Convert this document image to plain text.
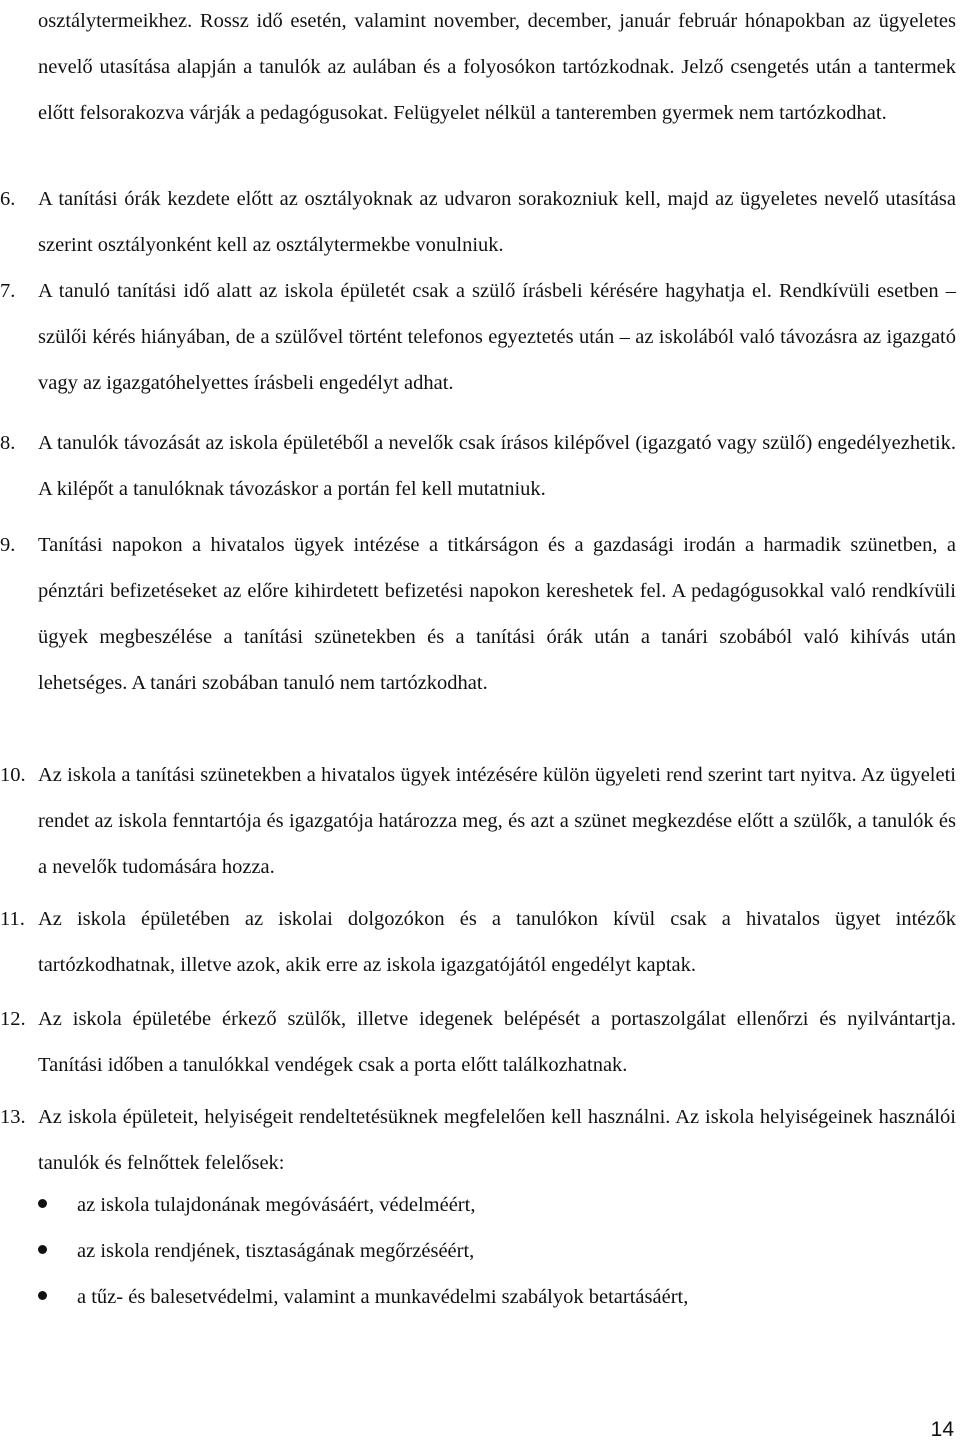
osztálytermeikhez. Rossz idő esetén, valamint november, december, január február hónapokban az ügyeletes nevelő utasítása alapján a tanulók az aulában és a folyosókon tartózkodnak. Jelző csengetés után a tantermek előtt felsorakozva várják a pedagógusokat. Felügyelet nélkül a tanteremben gyermek nem tartózkodhat.

6.	A tanítási órák kezdete előtt az osztályoknak az udvaron sorakozniuk kell, majd az ügyeletes nevelő utasítása szerint osztályonként kell az osztálytermekbe vonulniuk.
7.	A tanuló tanítási idő alatt az iskola épületét csak a szülő írásbeli kérésére hagyhatja el. Rendkívüli esetben – szülői kérés hiányában, de a szülővel történt telefonos egyeztetés után – az iskolából való távozásra az igazgató vagy az igazgatóhelyettes írásbeli engedélyt adhat.
8.	A tanulók távozását az iskola épületéből a nevelők csak írásos kilépővel (igazgató vagy szülő) engedélyezhetik. A kilépőt a tanulóknak távozáskor a portán fel kell mutatniuk.
9.	Tanítási napokon a hivatalos ügyek intézése a titkárságon és a gazdasági irodán a harmadik szünetben, a pénztári befizetéseket az előre kihirdetett befizetési napokon kereshetek fel. A pedagógusokkal való rendkívüli ügyek megbeszélése a tanítási szünetekben és a tanítási órák után a tanári szobából való kihívás után lehetséges. A tanári szobában tanuló nem tartózkodhat.
10. Az iskola a tanítási szünetekben a hivatalos ügyek intézésére külön ügyeleti rend szerint tart nyitva. Az ügyeleti rendet az iskola fenntartója és igazgatója határozza meg, és azt a szünet megkezdése előtt a szülők, a tanulók és a nevelők tudomására hozza.
11. Az iskola épületében az iskolai dolgozókon és a tanulókon kívül csak a hivatalos ügyet intézők tartózkodhatnak, illetve azok, akik erre az iskola igazgatójától engedélyt kaptak.
12. Az iskola épületébe érkező szülők, illetve idegenek belépését a portaszolgálat ellenőrzi és nyilvántartja. Tanítási időben a tanulókkal vendégek csak a porta előtt találkozhatnak.
13. Az iskola épületeit, helyiségeit rendeltetésüknek megfelelően kell használni. Az iskola helyiségeinek használói tanulók és felnőttek felelősek:
az iskola tulajdonának megóvásáért, védelméért,
az iskola rendjének, tisztaságának megőrzéséért,
a tűz- és balesetvédelmi, valamint a munkavédelmi szabályok betartásáért,
14
